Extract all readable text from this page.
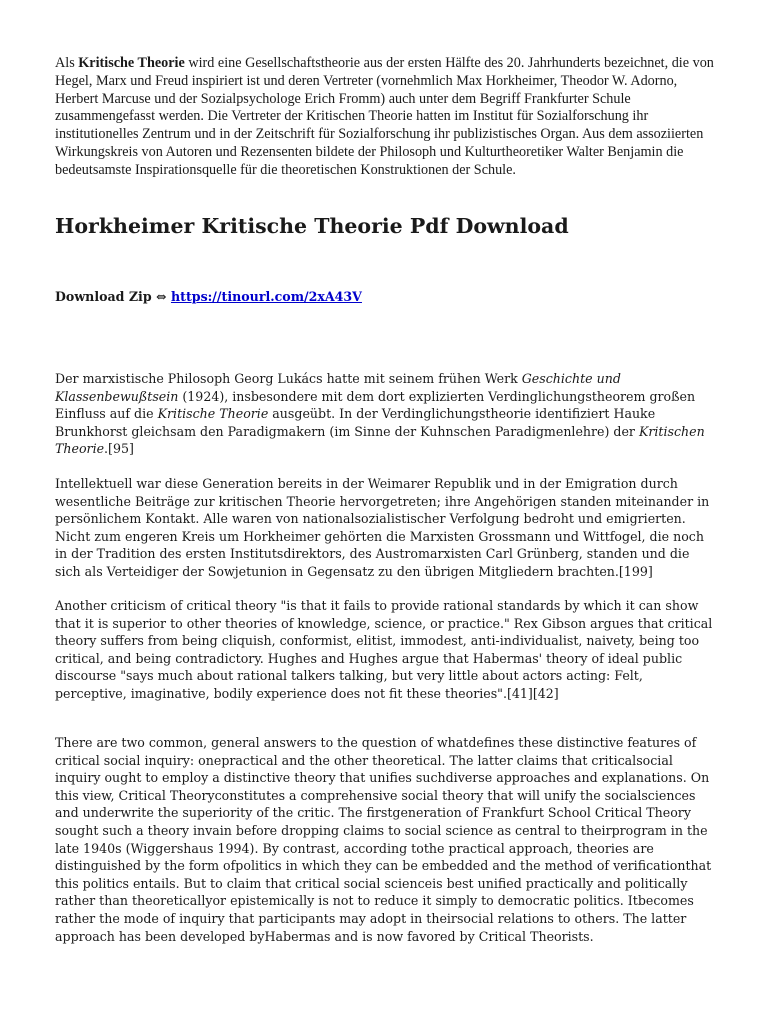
Als Kritische Theorie wird eine Gesellschaftstheorie aus der ersten Hälfte des 20. Jahrhunderts bezeichnet, die von Hegel, Marx und Freud inspiriert ist und deren Vertreter (vornehmlich Max Horkheimer, Theodor W. Adorno, Herbert Marcuse und der Sozialpsychologe Erich Fromm) auch unter dem Begriff Frankfurter Schule zusammengefasst werden. Die Vertreter der Kritischen Theorie hatten im Institut für Sozialforschung ihr institutionelles Zentrum und in der Zeitschrift für Sozialforschung ihr publizistisches Organ. Aus dem assoziierten Wirkungskreis von Autoren und Rezensenten bildete der Philosoph und Kulturtheoretiker Walter Benjamin die bedeutsamste Inspirationsquelle für die theoretischen Konstruktionen der Schule.

Horkheimer Kritische Theorie Pdf Download
Download Zip ⇔ https://tinourl.com/2xA43V

Der marxistische Philosoph Georg Lukács hatte mit seinem frühen Werk Geschichte und Klassenbewußtsein (1924), insbesondere mit dem dort explizierten Verdinglichungstheorem großen Einfluss auf die Kritische Theorie ausgeübt. In der Verdinglichungstheorie identifiziert Hauke Brunkhorst gleichsam den Paradigmakern (im Sinne der Kuhnschen Paradigmenlehre) der Kritischen Theorie.[95]

Intellektuell war diese Generation bereits in der Weimarer Republik und in der Emigration durch wesentliche Beiträge zur kritischen Theorie hervorgetreten; ihre Angehörigen standen miteinander in persönlichem Kontakt. Alle waren von nationalsozialistischer Verfolgung bedroht und emigrierten. Nicht zum engeren Kreis um Horkheimer gehörten die Marxisten Grossmann und Wittfogel, die noch in der Tradition des ersten Institutsdirektors, des Austromarxisten Carl Grünberg, standen und die sich als Verteidiger der Sowjetunion in Gegensatz zu den übrigen Mitgliedern brachten.[199]

Another criticism of critical theory "is that it fails to provide rational standards by which it can show that it is superior to other theories of knowledge, science, or practice." Rex Gibson argues that critical theory suffers from being cliquish, conformist, elitist, immodest, anti-individualist, naivety, being too critical, and being contradictory. Hughes and Hughes argue that Habermas' theory of ideal public discourse "says much about rational talkers talking, but very little about actors acting: Felt, perceptive, imaginative, bodily experience does not fit these theories".[41][42]

There are two common, general answers to the question of whatdefines these distinctive features of critical social inquiry: onepractical and the other theoretical. The latter claims that criticalsocial inquiry ought to employ a distinctive theory that unifies suchdiverse approaches and explanations. On this view, Critical Theoryconstitutes a comprehensive social theory that will unify the socialsciences and underwrite the superiority of the critic. The firstgeneration of Frankfurt School Critical Theory sought such a theory invain before dropping claims to social science as central to theirprogram in the late 1940s (Wiggershaus 1994). By contrast, according tothe practical approach, theories are distinguished by the form ofpolitics in which they can be embedded and the method of verificationthat this politics entails. But to claim that critical social scienceis best unified practically and politically rather than theoreticallyor epistemically is not to reduce it simply to democratic politics. Itbecomes rather the mode of inquiry that participants may adopt in theirsocial relations to others. The latter approach has been developed byHabermas and is now favored by Critical Theorists.
